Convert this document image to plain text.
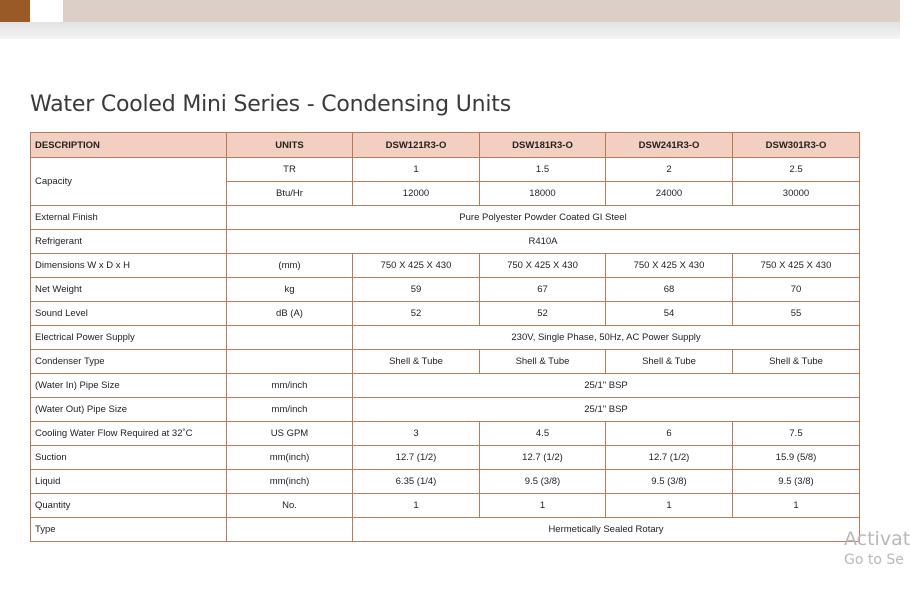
Water Cooled Mini Series - Condensing Units
DESCRIPTION	UNITS	DSW121R3-O	DSW181R3-O	DSW241R3-O	DSW301R3-O
Capacity	TR	1	1.5	2	2.5
	Btu/Hr	12000	18000	24000	30000
External Finish	Pure Polyester Powder Coated GI Steel				
Refrigerant	R410A				
Dimensions W x D x H	(mm)	750 X 425 X 430	750 X 425 X 430	750 X 425 X 430	750 X 425 X 430
Net Weight	kg	59	67	68	70
Sound Level	dB (A)	52	52	54	55
Electrical Power Supply		230V, Single Phase, 50Hz, AC Power Supply			
Condenser Type		Shell & Tube	Shell & Tube	Shell & Tube	Shell & Tube
(Water In) Pipe Size	mm/inch	25/1" BSP			
(Water Out) Pipe Size	mm/inch	25/1" BSP			
Cooling Water Flow Required at 32˚C	US GPM	3	4.5	6	7.5
Suction	mm(inch)	12.7 (1/2)	12.7 (1/2)	12.7 (1/2)	15.9 (5/8)
Liquid	mm(inch)	6.35 (1/4)	9.5 (3/8)	9.5 (3/8)	9.5 (3/8)
Quantity	No.	1	1	1	1
Type		Hermetically Sealed Rotary				Activat
Go to Se
